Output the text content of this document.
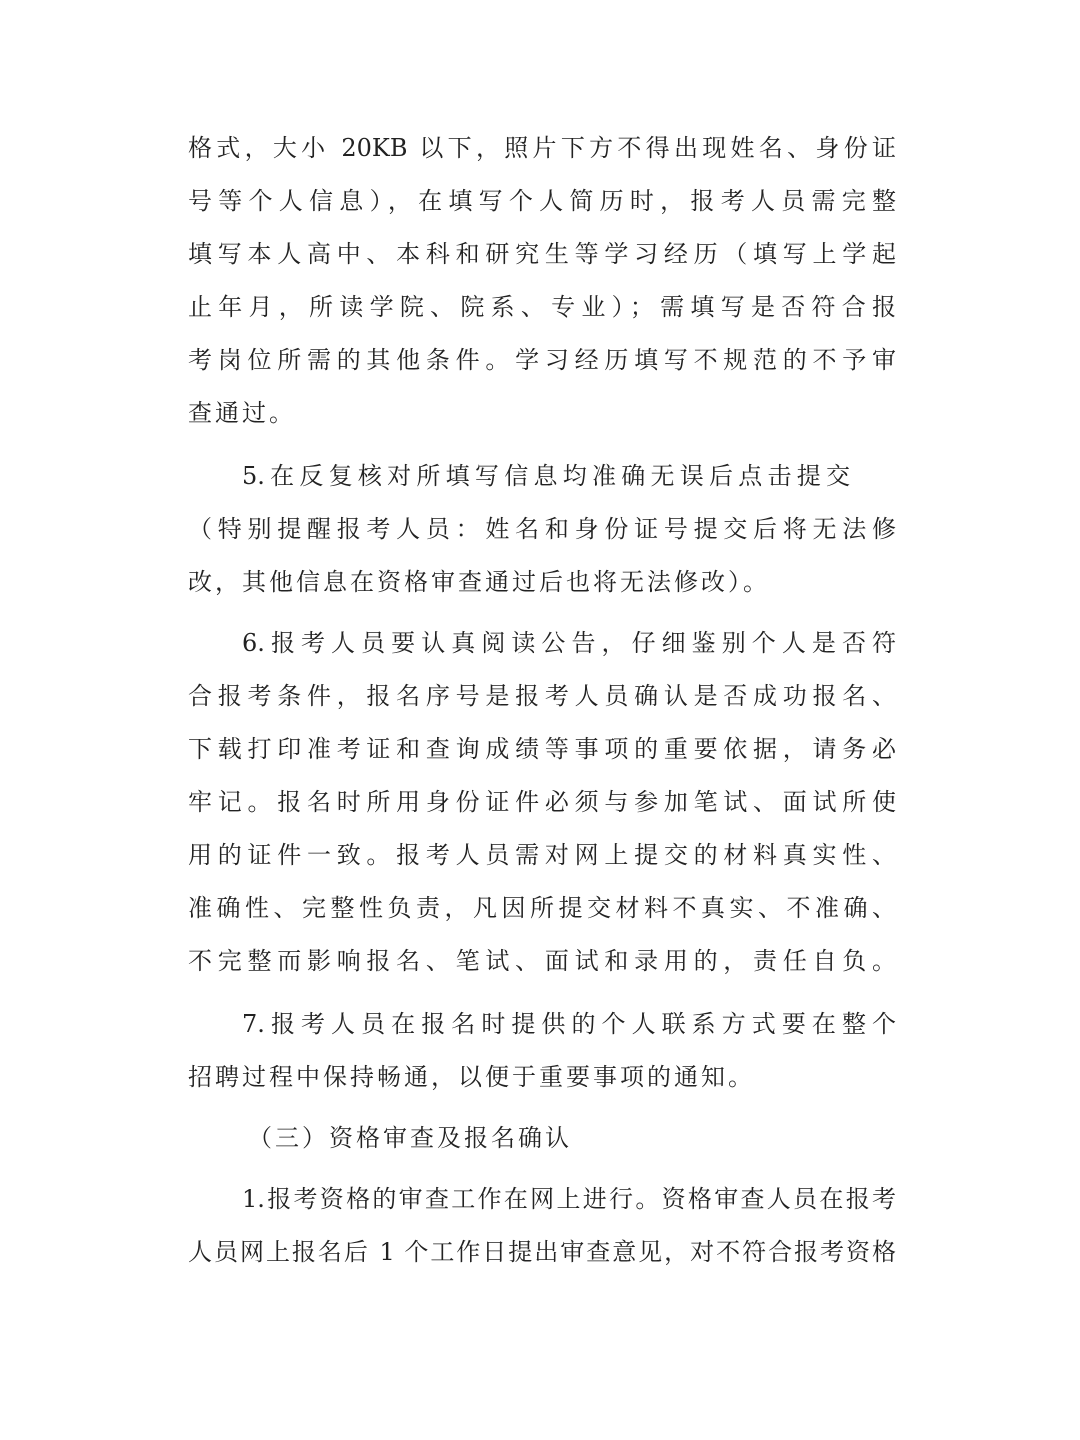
格式，大小 20KB 以下，照片下方不得出现姓名、身份证
号等个人信息），在填写个人简历时，报考人员需完整
填写本人高中、本科和研究生等学习经历（填写上学起
止年月，所读学院、院系、专业）；需填写是否符合报
考岗位所需的其他条件。学习经历填写不规范的不予审
查通过。
5.在反复核对所填写信息均准确无误后点击提交
（特别提醒报考人员：姓名和身份证号提交后将无法修
改，其他信息在资格审查通过后也将无法修改）。
6.报考人员要认真阅读公告，仔细鉴别个人是否符
合报考条件，报名序号是报考人员确认是否成功报名、
下载打印准考证和查询成绩等事项的重要依据，请务必
牢记。报名时所用身份证件必须与参加笔试、面试所使
用的证件一致。报考人员需对网上提交的材料真实性、
准确性、完整性负责，凡因所提交材料不真实、不准确、
不完整而影响报名、笔试、面试和录用的，责任自负。
7.报考人员在报名时提供的个人联系方式要在整个
招聘过程中保持畅通，以便于重要事项的通知。
（三）资格审查及报名确认
1.报考资格的审查工作在网上进行。资格审查人员在报考
人员网上报名后 1 个工作日提出审查意见，对不符合报考资格
